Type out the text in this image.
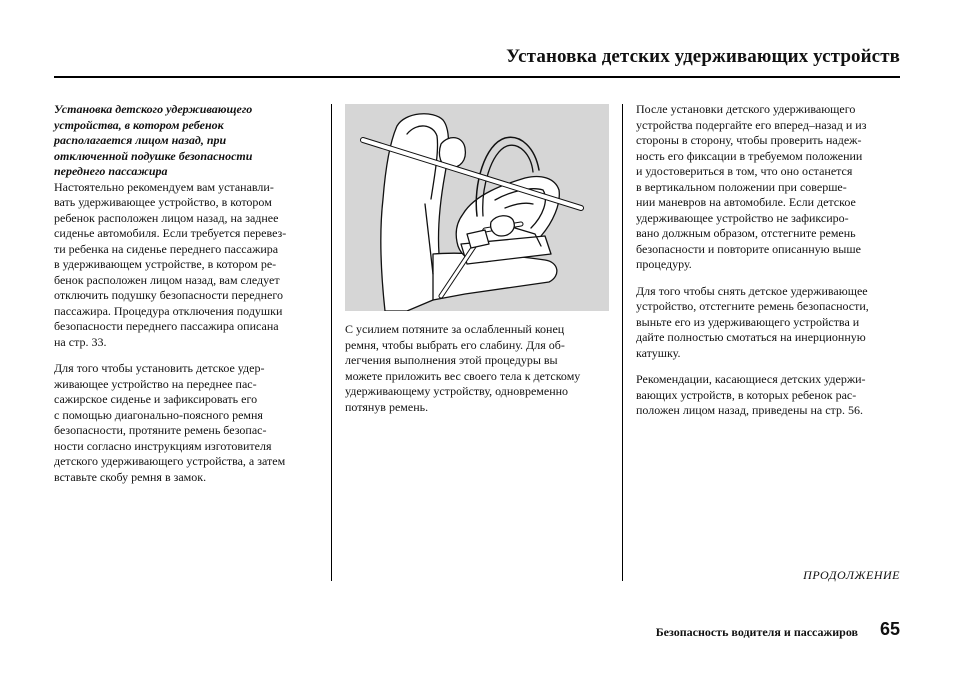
Установка детских удерживающих устройств

Установка детского удерживающего
устройства, в котором ребенок
располагается лицом назад, при
отключенной подушке безопасности
переднего пассажира

Настоятельно рекомендуем вам устанавли-
вать удерживающее устройство, в котором
ребенок расположен лицом назад, на заднее
сиденье автомобиля. Если требуется перевез-
ти ребенка на сиденье переднего пассажира
в удерживающем устройстве, в котором ре-
бенок расположен лицом назад, вам следует
отключить подушку безопасности переднего
пассажира. Процедура отключения подушки
безопасности переднего пассажира описана
на стр. 33.

Для того чтобы установить детское удер-
живающее устройство на переднее пас-
сажирское сиденье и зафиксировать его
с помощью диагонально-поясного ремня
безопасности, протяните ремень безопас-
ности согласно инструкциям изготовителя
детского удерживающего устройства, а затем
вставьте скобу ремня в замок.

С усилием потяните за ослабленный конец
ремня, чтобы выбрать его слабину. Для об-
легчения выполнения этой процедуры вы
можете приложить вес своего тела к детскому
удерживающему устройству, одновременно
потянув ремень.

После установки детского удерживающего
устройства подергайте его вперед–назад и из
стороны в сторону, чтобы проверить надеж-
ность его фиксации в требуемом положении
и удостовериться в том, что оно останется
в вертикальном положении при соверше-
нии маневров на автомобиле. Если детское
удерживающее устройство не зафиксиро-
вано должным образом, отстегните ремень
безопасности и повторите описанную выше
процедуру.

Для того чтобы снять детское удерживающее
устройство, отстегните ремень безопасности,
выньте его из удерживающего устройства и
дайте полностью смотаться на инерционную
катушку.

Рекомендации, касающиеся детских удержи-
вающих устройств, в которых ребенок рас-
положен лицом назад, приведены на стр. 56.

ПРОДОЛЖЕНИЕ
Безопасность водителя и пассажиров 65
